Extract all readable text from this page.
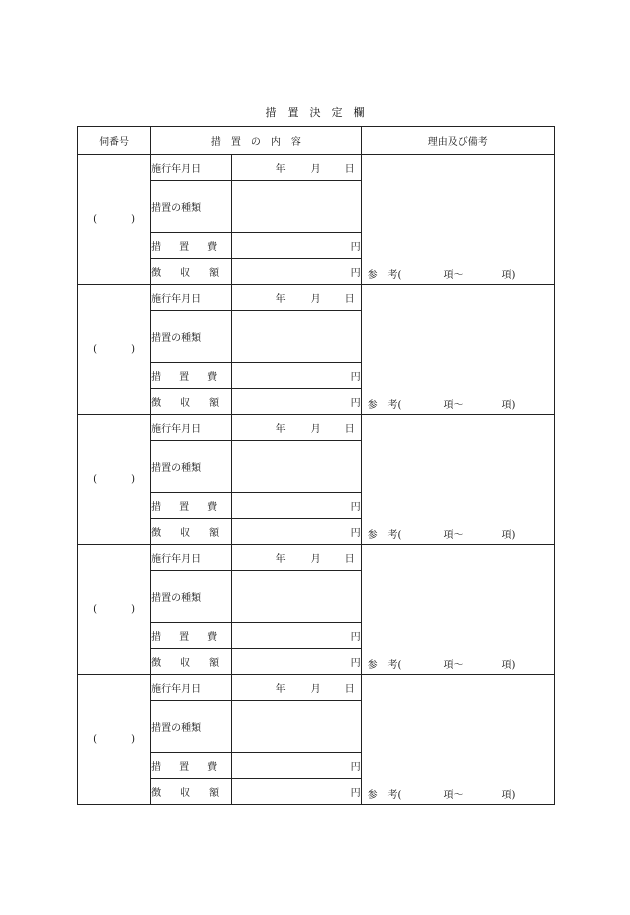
措　置　決　定　欄
伺番号	措　置　の　内　容		理由及び備考

( )	施行年月日	年 月 日	参　考( 項～ 項)

	措置の種類		

	措 置 費	円	

	徴 収 額	円	

( )	施行年月日	年 月 日	参　考( 項～ 項)

	措置の種類		

	措 置 費	円	

	徴 収 額	円	

( )	施行年月日	年 月 日	参　考( 項～ 項)

	措置の種類		

	措 置 費	円	

	徴 収 額	円	

( )	施行年月日	年 月 日	参　考( 項～ 項)

	措置の種類		

	措 置 費	円	

	徴 収 額	円	

( )	施行年月日	年 月 日	参　考( 項～ 項)

	措置の種類		

	措 置 費	円	

	徴 収 額	円	
